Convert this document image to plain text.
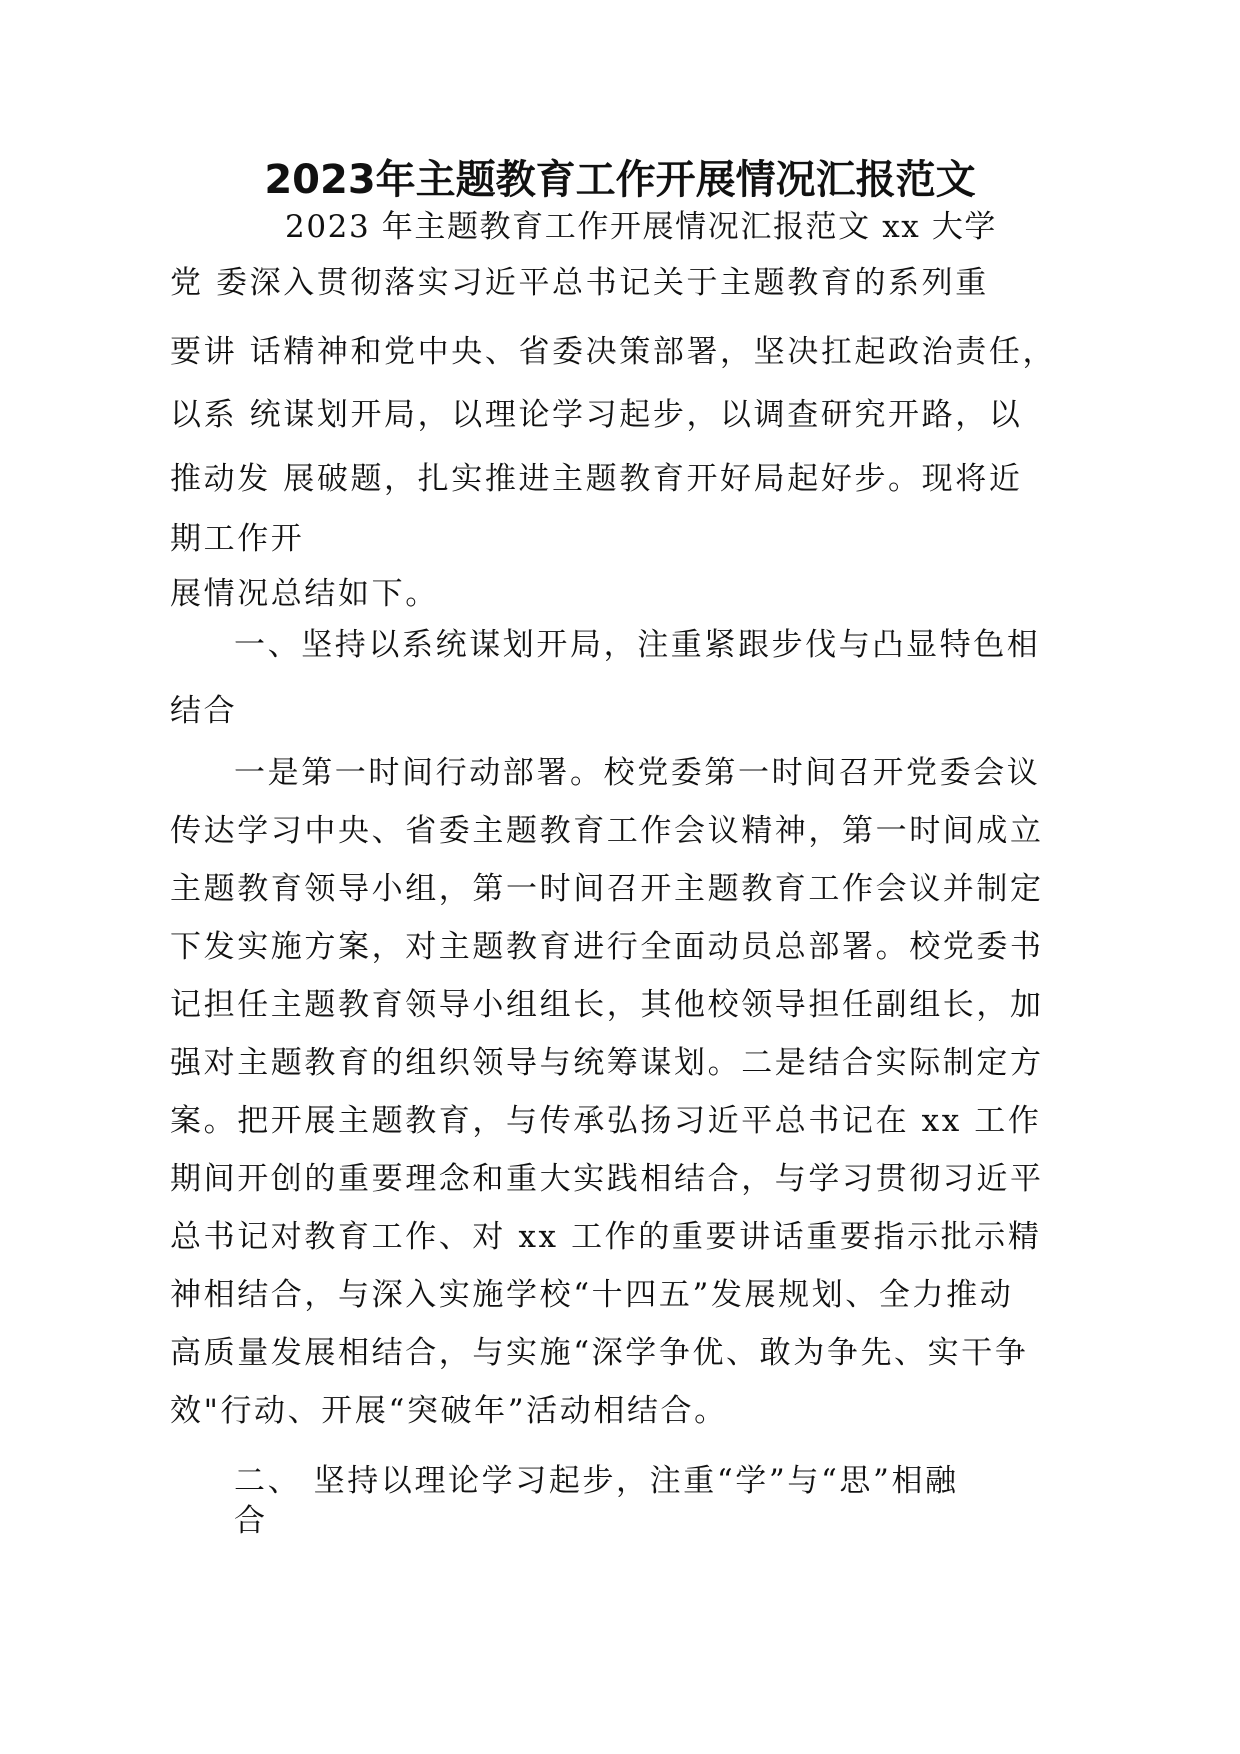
2023年主题教育工作开展情况汇报范文
2023 年主题教育工作开展情况汇报范文 xx 大学
党 委深入贯彻落实习近平总书记关于主题教育的系列重
要讲 话精神和党中央、省委决策部署，坚决扛起政治责任，
以系 统谋划开局，以理论学习起步，以调查研究开路，以
推动发 展破题，扎实推进主题教育开好局起好步。现将近
期工作开
展情况总结如下。
一、坚持以系统谋划开局，注重紧跟步伐与凸显特色相
结合
一是第一时间行动部署。校党委第一时间召开党委会议
传达学习中央、省委主题教育工作会议精神，第一时间成立
主题教育领导小组，第一时间召开主题教育工作会议并制定
下发实施方案，对主题教育进行全面动员总部署。校党委书
记担任主题教育领导小组组长，其他校领导担任副组长，加
强对主题教育的组织领导与统筹谋划。二是结合实际制定方
案。把开展主题教育，与传承弘扬习近平总书记在 xx 工作
期间开创的重要理念和重大实践相结合，与学习贯彻习近平
总书记对教育工作、对 xx 工作的重要讲话重要指示批示精
神相结合，与深入实施学校“十四五”发展规划、全力推动
高质量发展相结合，与实施“深学争优、敢为争先、实干争
效"行动、开展“突破年”活动相结合。
二、 坚持以理论学习起步，注重“学”与“思”相融
合
